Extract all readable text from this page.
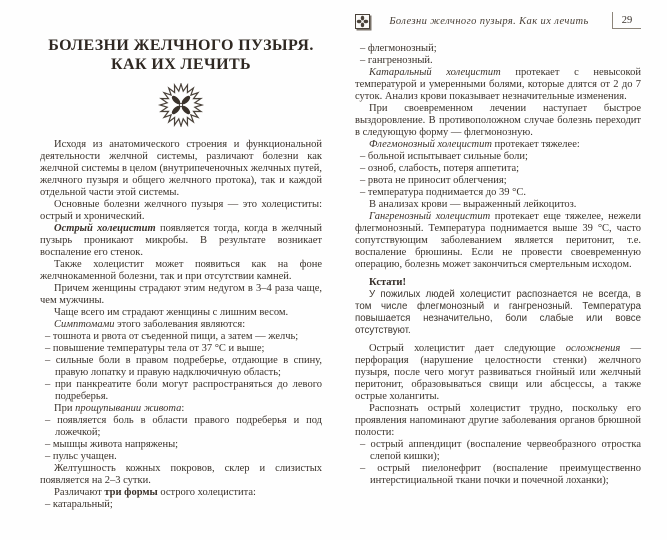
БОЛЕЗНИ ЖЕЛЧНОГО ПУЗЫРЯ.
КАК ИХ ЛЕЧИТЬ

Исходя из анатомического строения и функциональной деятельности желчной системы, различают болезни как желчной системы в целом (внутрипеченочных желчных путей, желчного пузыря и общего желчного протока), так и каждой отдельной части этой системы.

Основные болезни желчного пузыря — это холециститы: острый и хронический.

Острый холецистит появляется тогда, когда в желчный пузырь проникают микробы. В результате возникает воспаление его стенок.

Также холецистит может появиться как на фоне желчнокаменной болезни, так и при отсутствии камней.

Причем женщины страдают этим недугом в 3–4 раза чаще, чем мужчины.

Чаще всего им страдают женщины с лишним весом.

Симптомами этого заболевания являются:

– тошнота и рвота от съеденной пищи, а затем — желчь;

– повышение температуры тела от 37 °С и выше;

– сильные боли в правом подреберье, отдающие в спину, правую лопатку и правую надключичную область;

– при панкреатите боли могут распространяться до левого подреберья.

При прощупывании живота:

– появляется боль в области правого подреберья и под ложечкой;

– мышцы живота напряжены;

– пульс учащен.

Желтушность кожных покровов, склер и слизистых появляется на 2–3 сутки.

Различают три формы острого холецистита:

– катаральный;

Болезни желчного пузыря. Как их лечить	29

– флегмонозный;

– гангренозный.

Катаральный холецистит протекает с невысокой температурой и умеренными болями, которые длятся от 2 до 7 суток. Анализ крови показывает незначительные изменения.

При своевременном лечении наступает быстрое выздоровление. В противоположном случае болезнь переходит в следующую форму — флегмонозную.

Флегмонозный холецистит протекает тяжелее:

– больной испытывает сильные боли;

– озноб, слабость, потеря аппетита;

– рвота не приносит облегчения;

– температура поднимается до 39 °С.

В анализах крови — выраженный лейкоцитоз.

Гангренозный холецистит протекает еще тяжелее, нежели флегмонозный. Температура поднимается выше 39 °С, часто сопутствующим заболеванием является перитонит, т.е. воспаление брюшины. Если не провести своевременную операцию, болезнь может закончиться смертельным исходом.

Кстати!

У пожилых людей холецистит распознается не всегда, в том числе флегмонозный и гангренозный. Температура повышается незначительно, боли слабые или вовсе отсутствуют.

Острый холецистит дает следующие осложнения — перфорация (нарушение целостности стенки) желчного пузыря, после чего могут развиваться гнойный или желчный перитонит, образовываться свищи или абсцессы, а также острые холангиты.

Распознать острый холецистит трудно, поскольку его проявления напоминают другие заболевания органов брюшной полости:

– острый аппендицит (воспаление червеобразного отростка слепой кишки);

– острый пиелонефрит (воспаление преимущественно интерстициальной ткани почки и почечной лоханки);
